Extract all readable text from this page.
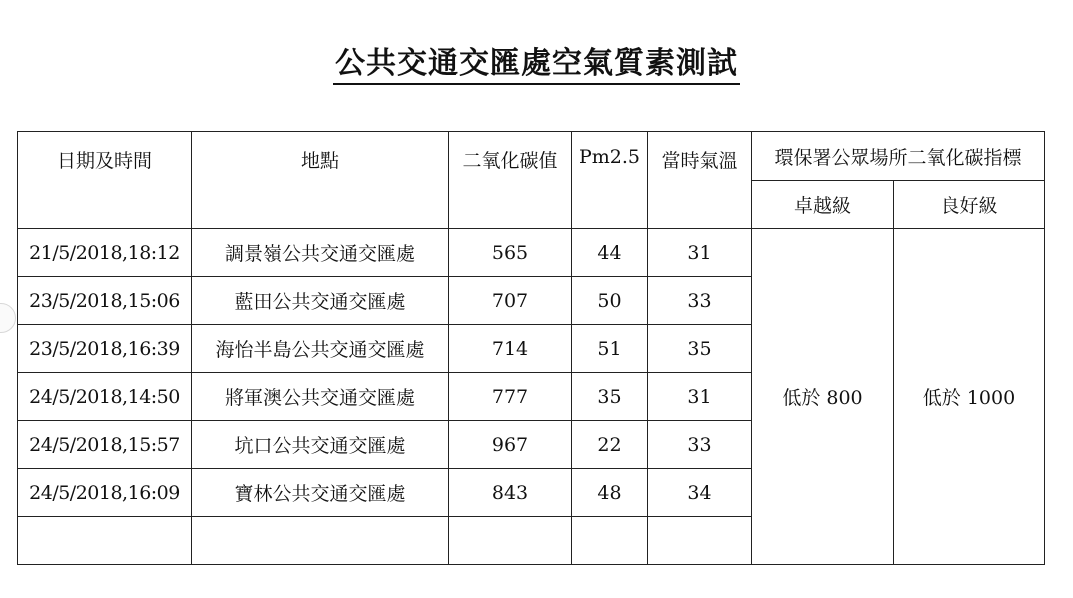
公共交通交匯處空氣質素測試
日期及時間	地點	二氧化碳值	Pm2.5	當時氣溫	環保署公眾場所二氧化碳指標	
					卓越級	良好級
21/5/2018,18:12	調景嶺公共交通交匯處	565	44	31	低於 800	低於 1000
23/5/2018,15:06	藍田公共交通交匯處	707	50	33		
23/5/2018,16:39	海怡半島公共交通交匯處	714	51	35		
24/5/2018,14:50	將軍澳公共交通交匯處	777	35	31		
24/5/2018,15:57	坑口公共交通交匯處	967	22	33		
24/5/2018,16:09	寶林公共交通交匯處	843	48	34		
